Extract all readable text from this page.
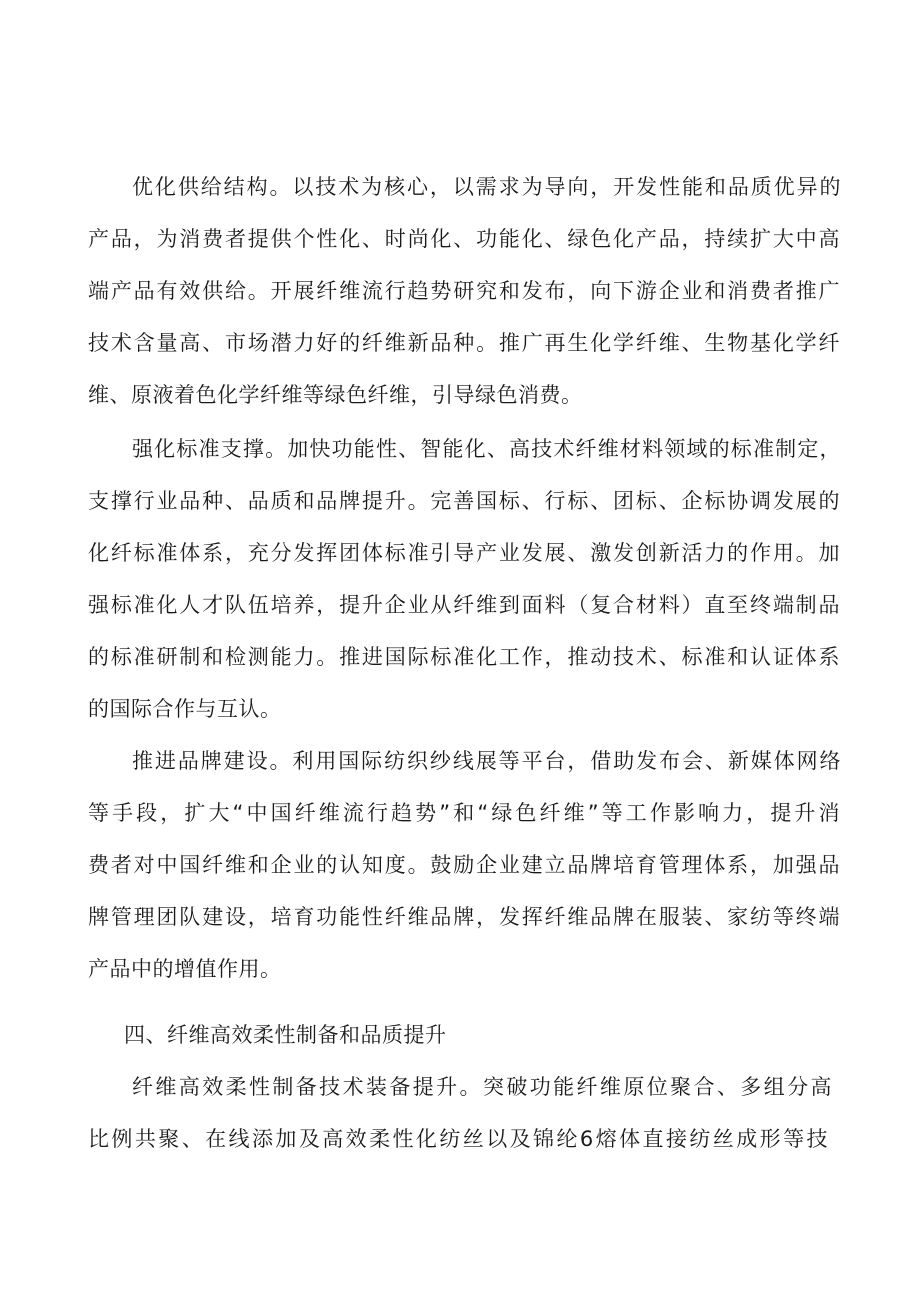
优化供给结构。以技术为核心，以需求为导向，开发性能和品质优异的
产品，为消费者提供个性化、时尚化、功能化、绿色化产品，持续扩大中高
端产品有效供给。开展纤维流行趋势研究和发布，向下游企业和消费者推广
技术含量高、市场潜力好的纤维新品种。推广再生化学纤维、生物基化学纤
维、原液着色化学纤维等绿色纤维，引导绿色消费。
强化标准支撑。加快功能性、智能化、高技术纤维材料领域的标准制定，
支撑行业品种、品质和品牌提升。完善国标、行标、团标、企标协调发展的
化纤标准体系，充分发挥团体标准引导产业发展、激发创新活力的作用。加
强标准化人才队伍培养，提升企业从纤维到面料（复合材料）直至终端制品
的标准研制和检测能力。推进国际标准化工作，推动技术、标准和认证体系
的国际合作与互认。
推进品牌建设。利用国际纺织纱线展等平台，借助发布会、新媒体网络
等手段，扩大“中国纤维流行趋势”和“绿色纤维”等工作影响力，提升消
费者对中国纤维和企业的认知度。鼓励企业建立品牌培育管理体系，加强品
牌管理团队建设，培育功能性纤维品牌，发挥纤维品牌在服装、家纺等终端
产品中的增值作用。
四、纤维高效柔性制备和品质提升
纤维高效柔性制备技术装备提升。突破功能纤维原位聚合、多组分高
比例共聚、在线添加及高效柔性化纺丝以及锦纶6熔体直接纺丝成形等技
